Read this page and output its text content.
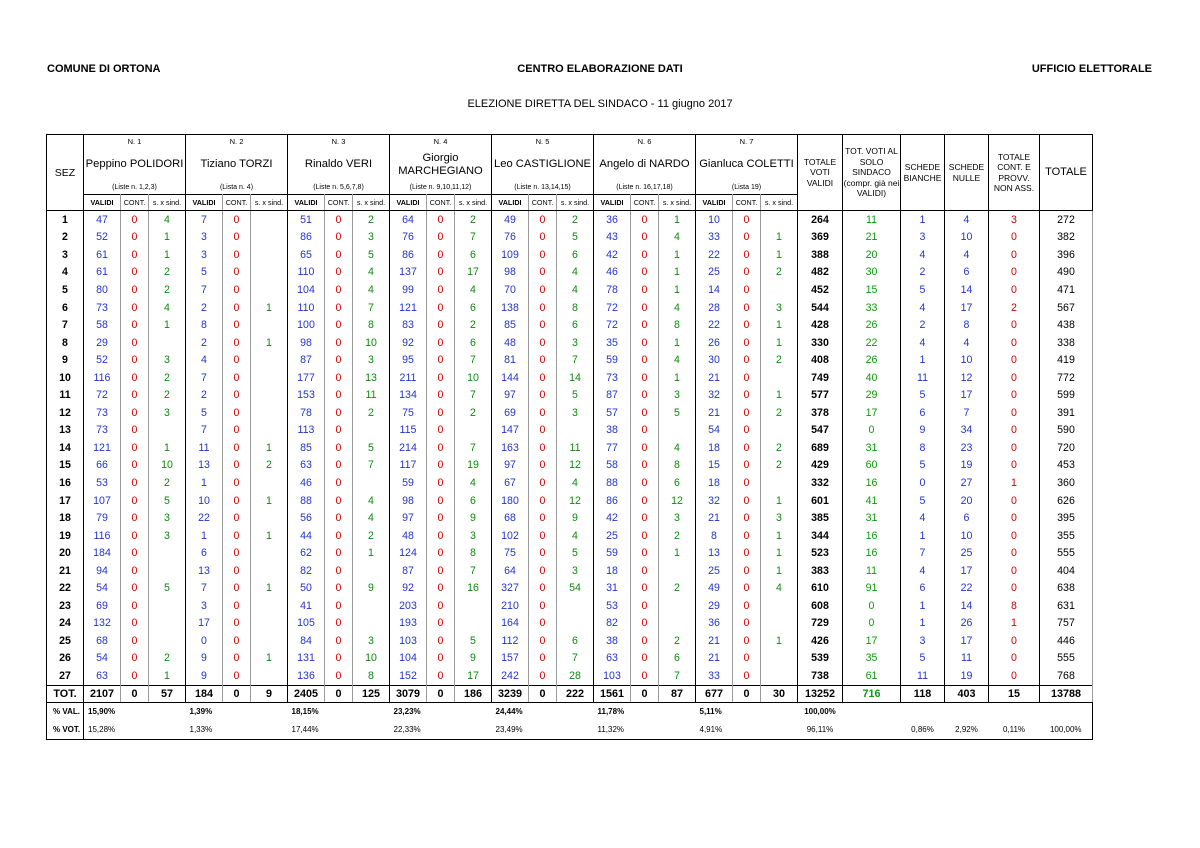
COMUNE DI ORTONA	CENTRO ELABORAZIONE DATI	UFFICIO ELETTORALE
ELEZIONE DIRETTA DEL SINDACO - 11 giugno 2017
SEZ	N. 1			N. 2			N. 3			N. 4			N. 5			N. 6			N. 7			TOTALE VOTI VALIDI	TOT. VOTI AL SOLO SINDACO (compr. già nei VALIDI)	SCHEDE BIANCHE	SCHEDE NULLE	TOTALE CONT. E PROVV. NON ASS.	TOTALE
	Peppino POLIDORI			Tiziano TORZI			Rinaldo VERI			Giorgio MARCHEGIANO			Leo CASTIGLIONE			Angelo di NARDO			Gianluca COLETTI								
	(Liste n. 1,2,3)			(Lista n. 4)			(Liste n. 5,6,7,8)			(Liste n. 9,10,11,12)			(Liste n. 13,14,15)			(Liste n. 16,17,18)			(Lista 19)								
	VALIDI	CONT.	s. x sind.	VALIDI	CONT.	s. x sind.	VALIDI	CONT.	s. x sind.	VALIDI	CONT.	s. x sind.	VALIDI	CONT.	s. x sind.	VALIDI	CONT.	s. x sind.	VALIDI	CONT.	s. x sind.						
1	47	0	4	7	0		51	0	2	64	0	2	49	0	2	36	0	1	10	0		264	11	1	4	3	272
2	52	0	1	3	0		86	0	3	76	0	7	76	0	5	43	0	4	33	0	1	369	21	3	10	0	382
3	61	0	1	3	0		65	0	5	86	0	6	109	0	6	42	0	1	22	0	1	388	20	4	4	0	396
4	61	0	2	5	0		110	0	4	137	0	17	98	0	4	46	0	1	25	0	2	482	30	2	6	0	490
5	80	0	2	7	0		104	0	4	99	0	4	70	0	4	78	0	1	14	0		452	15	5	14	0	471
6	73	0	4	2	0	1	110	0	7	121	0	6	138	0	8	72	0	4	28	0	3	544	33	4	17	2	567
7	58	0	1	8	0		100	0	8	83	0	2	85	0	6	72	0	8	22	0	1	428	26	2	8	0	438
8	29	0		2	0	1	98	0	10	92	0	6	48	0	3	35	0	1	26	0	1	330	22	4	4	0	338
9	52	0	3	4	0		87	0	3	95	0	7	81	0	7	59	0	4	30	0	2	408	26	1	10	0	419
10	116	0	2	7	0		177	0	13	211	0	10	144	0	14	73	0	1	21	0		749	40	11	12	0	772
11	72	0	2	2	0		153	0	11	134	0	7	97	0	5	87	0	3	32	0	1	577	29	5	17	0	599
12	73	0	3	5	0		78	0	2	75	0	2	69	0	3	57	0	5	21	0	2	378	17	6	7	0	391
13	73	0		7	0		113	0		115	0		147	0		38	0		54	0		547	0	9	34	0	590
14	121	0	1	11	0	1	85	0	5	214	0	7	163	0	11	77	0	4	18	0	2	689	31	8	23	0	720
15	66	0	10	13	0	2	63	0	7	117	0	19	97	0	12	58	0	8	15	0	2	429	60	5	19	0	453
16	53	0	2	1	0		46	0		59	0	4	67	0	4	88	0	6	18	0		332	16	0	27	1	360
17	107	0	5	10	0	1	88	0	4	98	0	6	180	0	12	86	0	12	32	0	1	601	41	5	20	0	626
18	79	0	3	22	0		56	0	4	97	0	9	68	0	9	42	0	3	21	0	3	385	31	4	6	0	395
19	116	0	3	1	0	1	44	0	2	48	0	3	102	0	4	25	0	2	8	0	1	344	16	1	10	0	355
20	184	0		6	0		62	0	1	124	0	8	75	0	5	59	0	1	13	0	1	523	16	7	25	0	555
21	94	0		13	0		82	0		87	0	7	64	0	3	18	0		25	0	1	383	11	4	17	0	404
22	54	0	5	7	0	1	50	0	9	92	0	16	327	0	54	31	0	2	49	0	4	610	91	6	22	0	638
23	69	0		3	0		41	0		203	0		210	0		53	0		29	0		608	0	1	14	8	631
24	132	0		17	0		105	0		193	0		164	0		82	0		36	0		729	0	1	26	1	757
25	68	0		0	0		84	0	3	103	0	5	112	0	6	38	0	2	21	0	1	426	17	3	17	0	446
26	54	0	2	9	0	1	131	0	10	104	0	9	157	0	7	63	0	6	21	0		539	35	5	11	0	555
27	63	0	1	9	0		136	0	8	152	0	17	242	0	28	103	0	7	33	0		738	61	11	19	0	768
TOT.	2107	0	57	184	0	9	2405	0	125	3079	0	186	3239	0	222	1561	0	87	677	0	30	13252	716	118	403	15	13788
% VAL.	15,90%			1,39%			18,15%			23,23%			24,44%			11,78%			5,11%			100,00%					
% VOT.	15,28%			1,33%			17,44%			22,33%			23,49%			11,32%			4,91%			96,11%		0,86%	2,92%	0,11%	100,00%
